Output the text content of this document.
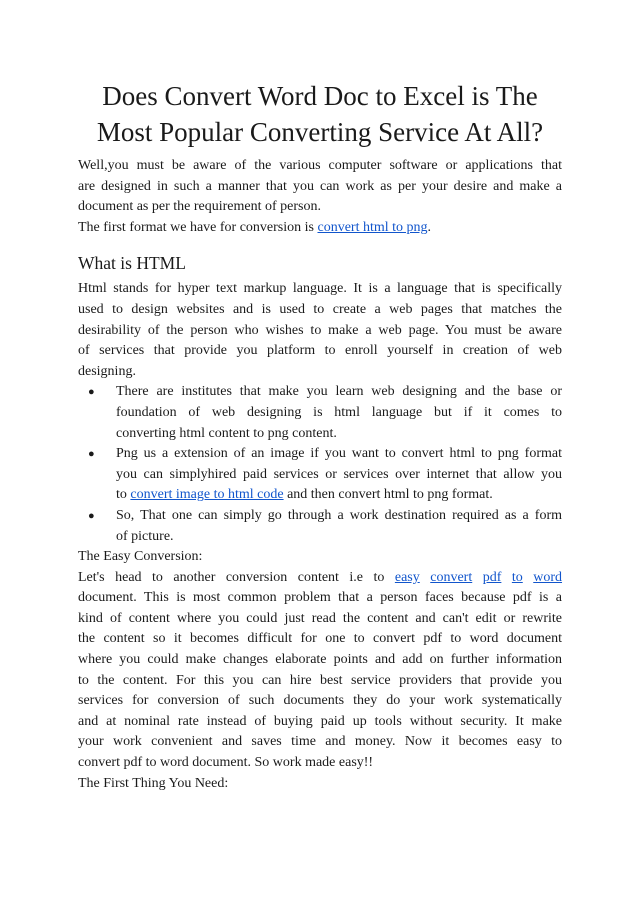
Does Convert Word Doc to Excel is The
Most Popular Converting Service At All?
Well,you must be aware of the various computer software or applications that
are designed in such a manner that you can work as per your desire and make a
document as per the requirement of person.
The first format we have for conversion is convert html to png.
What is HTML
Html stands for hyper text markup language. It is a language that is specifically
used to design websites and is used to create a web pages that matches the
desirability of the person who wishes to make a web page. You must be aware
of services that provide you platform to enroll yourself in creation of web
designing.
● There are institutes that make you learn web designing and the base or
foundation of web designing is html language but if it comes to
converting html content to png content.
● Png us a extension of an image if you want to convert html to png format
you can simplyhired paid services or services over internet that allow you
to convert image to html code and then convert html to png format.
● So, That one can simply go through a work destination required as a form
of picture.
The Easy Conversion:
Let's head to another conversion content i.e to easy convert pdf to word
document. This is most common problem that a person faces because pdf is a
kind of content where you could just read the content and can't edit or rewrite
the content so it becomes difficult for one to convert pdf to word document
where you could make changes elaborate points and add on further information
to the content. For this you can hire best service providers that provide you
services for conversion of such documents they do your work systematically
and at nominal rate instead of buying paid up tools without security. It make
your work convenient and saves time and money. Now it becomes easy to
convert pdf to word document. So work made easy!!
The First Thing You Need:
